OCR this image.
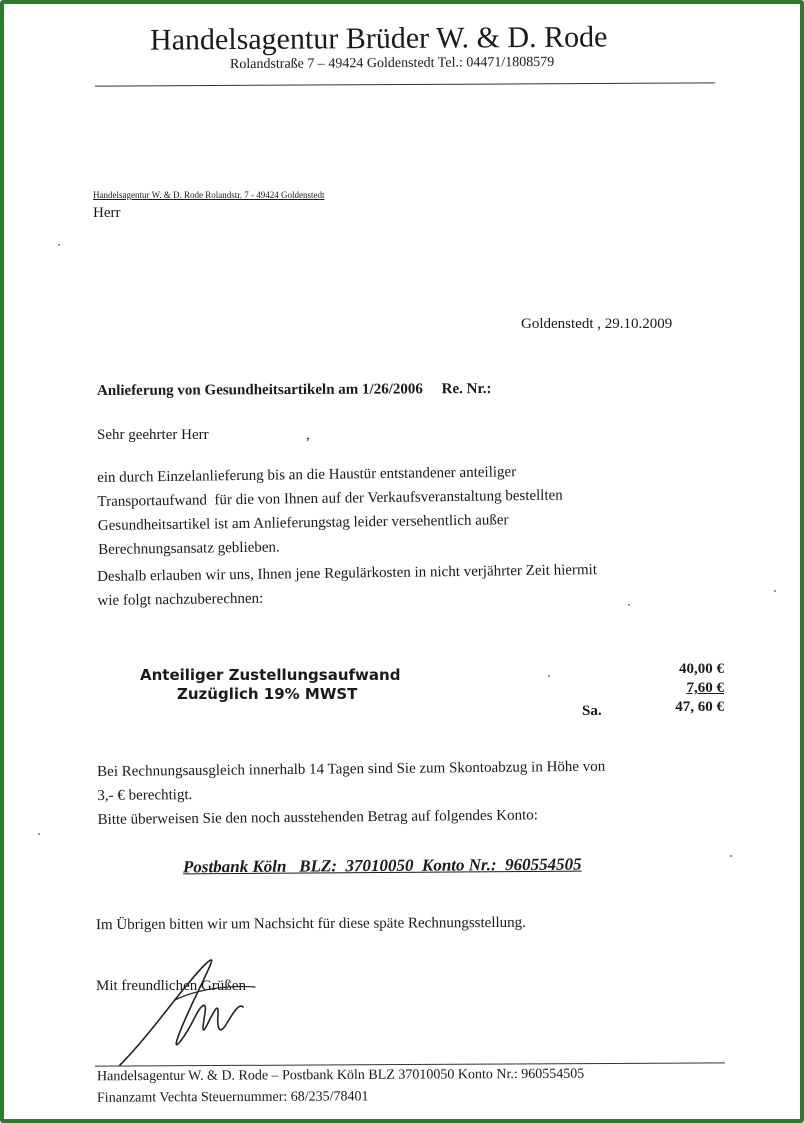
Handelsagentur Brüder W. & D. Rode
Rolandstraße 7 – 49424 Goldenstedt Tel.: 04471/1808579
Handelsagentur W. & D. Rode Rolandstr. 7 - 49424 Goldenstedt
Herr
Goldenstedt , 29.10.2009
Anlieferung von Gesundheitsartikeln am 1/26/2006     Re. Nr.:
Sehr geehrter Herr                          ,
ein durch Einzelanlieferung bis an die Haustür entstandener anteiliger
Transportaufwand  für die von Ihnen auf der Verkaufsveranstaltung bestellten
Gesundheitsartikel ist am Anlieferungstag leider versehentlich außer
Berechnungsansatz geblieben.
Deshalb erlauben wir uns, Ihnen jene Regulärkosten in nicht verjährter Zeit hiermit
wie folgt nachzuberechnen:
Anteiliger Zustellungsaufwand	40,00 €
Zuzüglich 19% MWST	7,60 €
Sa.	47, 60 €
Bei Rechnungsausgleich innerhalb 14 Tagen sind Sie zum Skontoabzug in Höhe von
3,- € berechtigt.
Bitte überweisen Sie den noch ausstehenden Betrag auf folgendes Konto:
Postbank Köln   BLZ:  37010050  Konto Nr.:  960554505
Im Übrigen bitten wir um Nachsicht für diese späte Rechnungsstellung.
Mit freundlichen Grüßen
Handelsagentur W. & D. Rode – Postbank Köln BLZ 37010050 Konto Nr.: 960554505
Finanzamt Vechta Steuernummer: 68/235/78401
